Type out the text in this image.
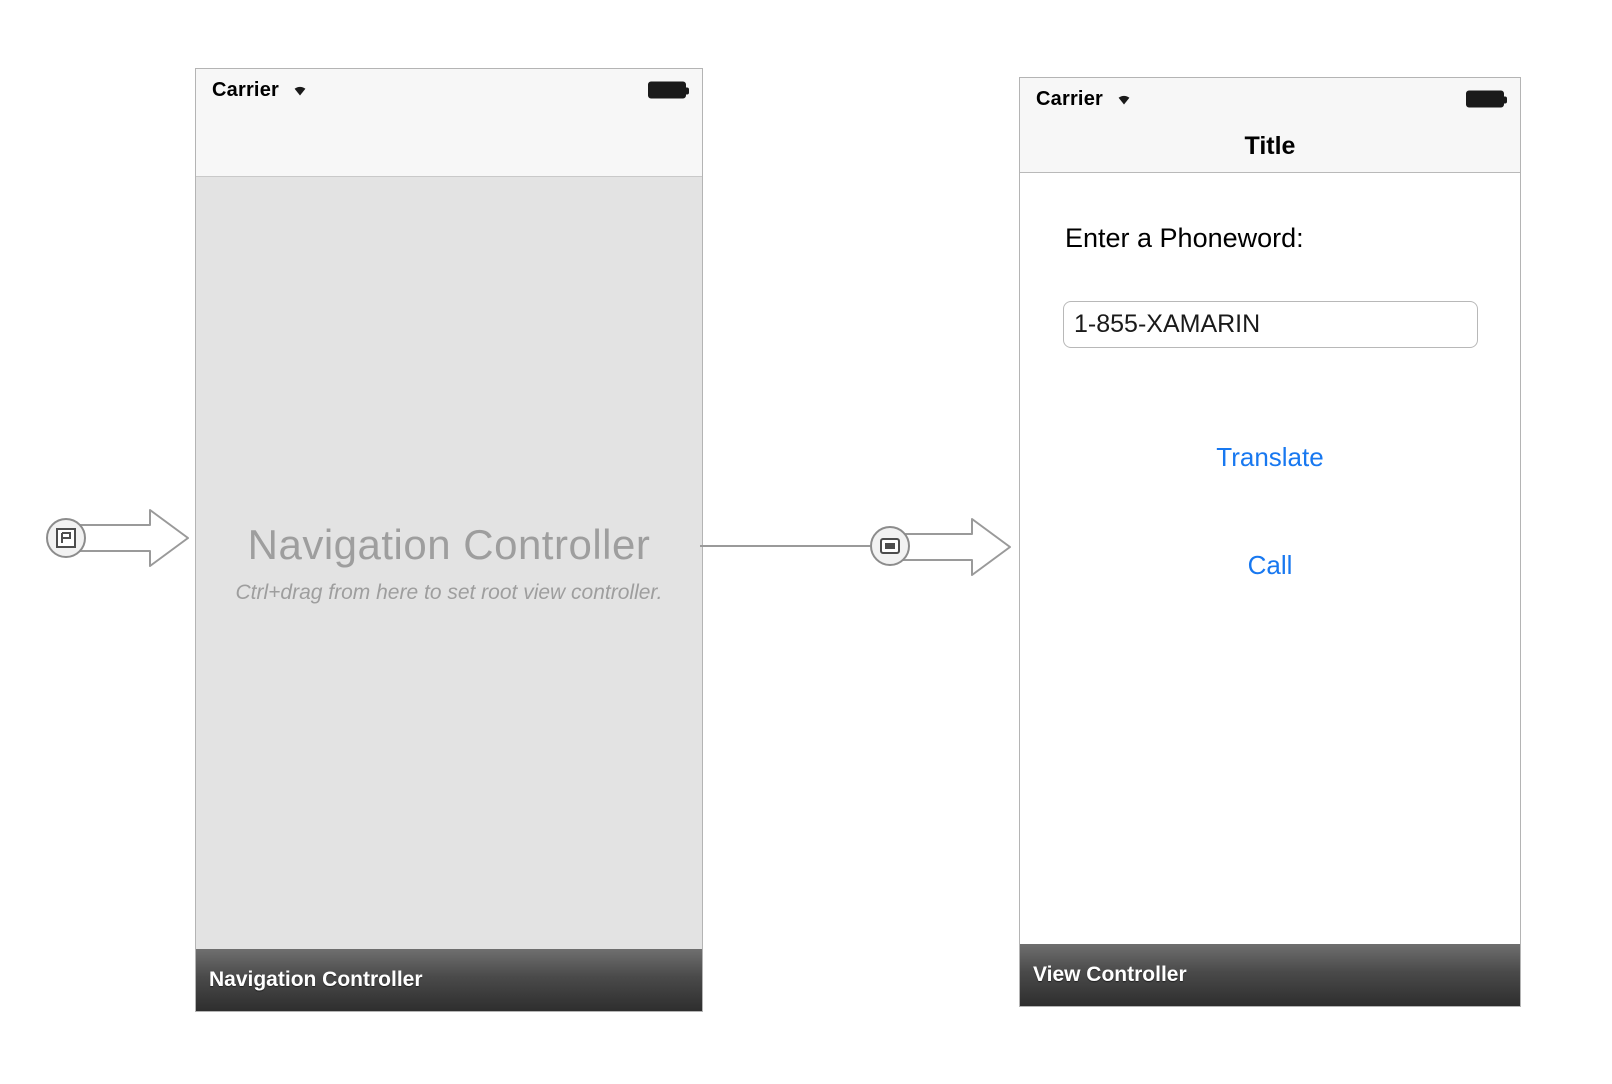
Carrier
Navigation Controller
Ctrl+drag from here to set root view controller.
Navigation Controller
Carrier
Title
Enter a Phoneword:
1-855-XAMARIN
Translate
Call
View Controller
